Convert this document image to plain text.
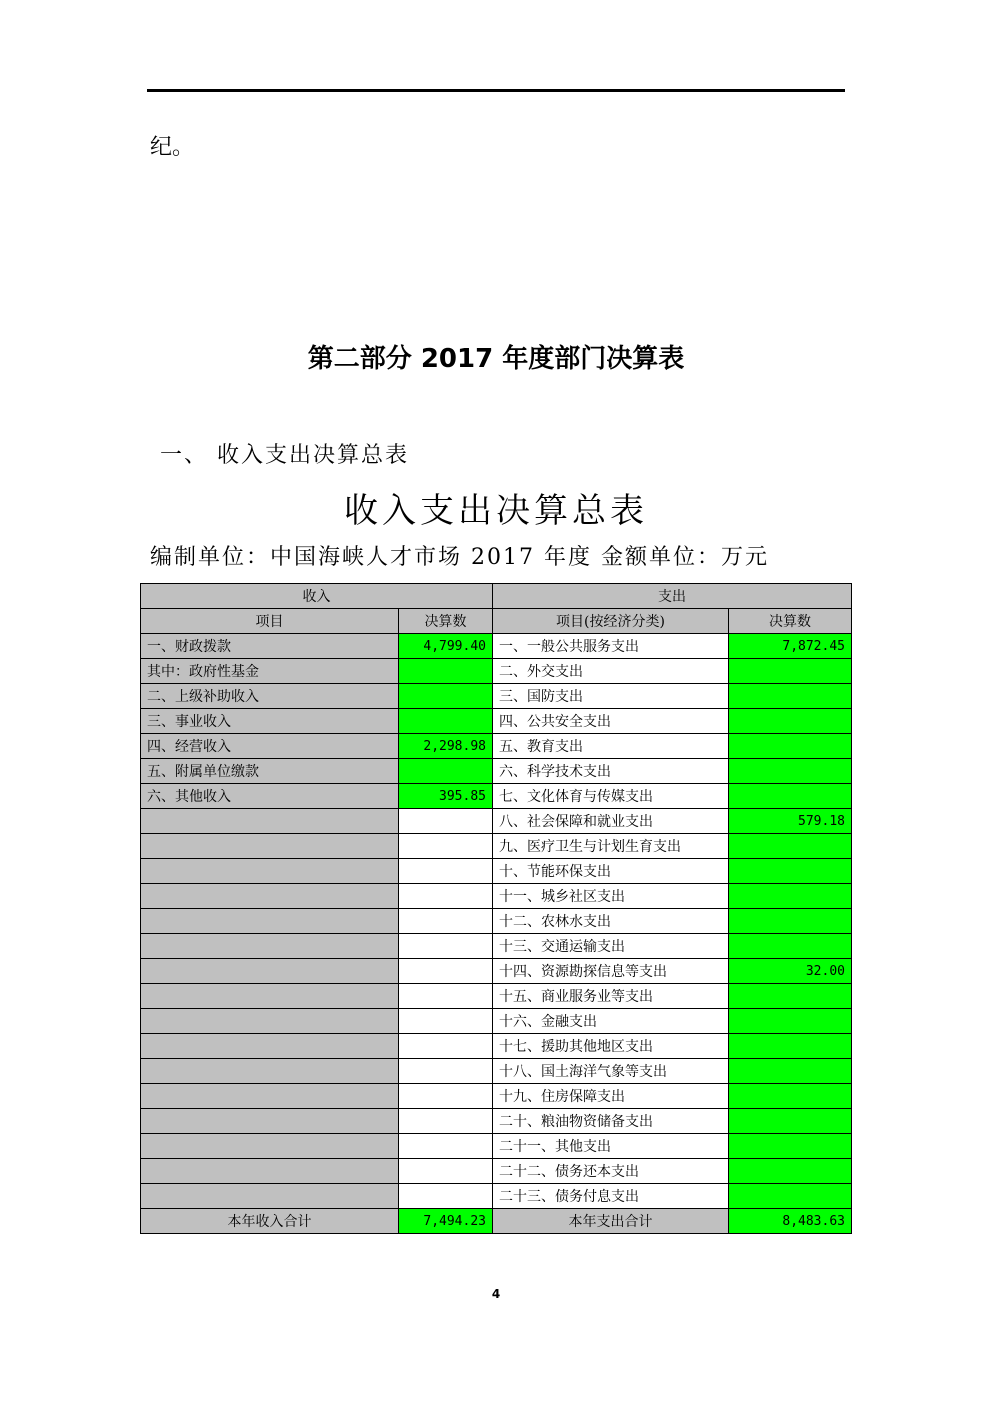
纪。
第二部分 2017 年度部门决算表
一、 收入支出决算总表
收入支出决算总表
编制单位：中国海峡人才市场 2017 年度 金额单位：万元
收入		支出	
项目	决算数	项目(按经济分类)	决算数
一、财政拨款	4,799.40	一、一般公共服务支出	7,872.45
其中：政府性基金		二、外交支出	
二、上级补助收入		三、国防支出	
三、事业收入		四、公共安全支出	
四、经营收入	2,298.98	五、教育支出	
五、附属单位缴款		六、科学技术支出	
六、其他收入	395.85	七、文化体育与传媒支出	
		八、社会保障和就业支出	579.18
		九、医疗卫生与计划生育支出	
		十、节能环保支出	
		十一、城乡社区支出	
		十二、农林水支出	
		十三、交通运输支出	
		十四、资源勘探信息等支出	32.00
		十五、商业服务业等支出	
		十六、金融支出	
		十七、援助其他地区支出	
		十八、国土海洋气象等支出	
		十九、住房保障支出	
		二十、粮油物资储备支出	
		二十一、其他支出	
		二十二、债务还本支出	
		二十三、债务付息支出	
本年收入合计	7,494.23	本年支出合计	8,483.63
4
